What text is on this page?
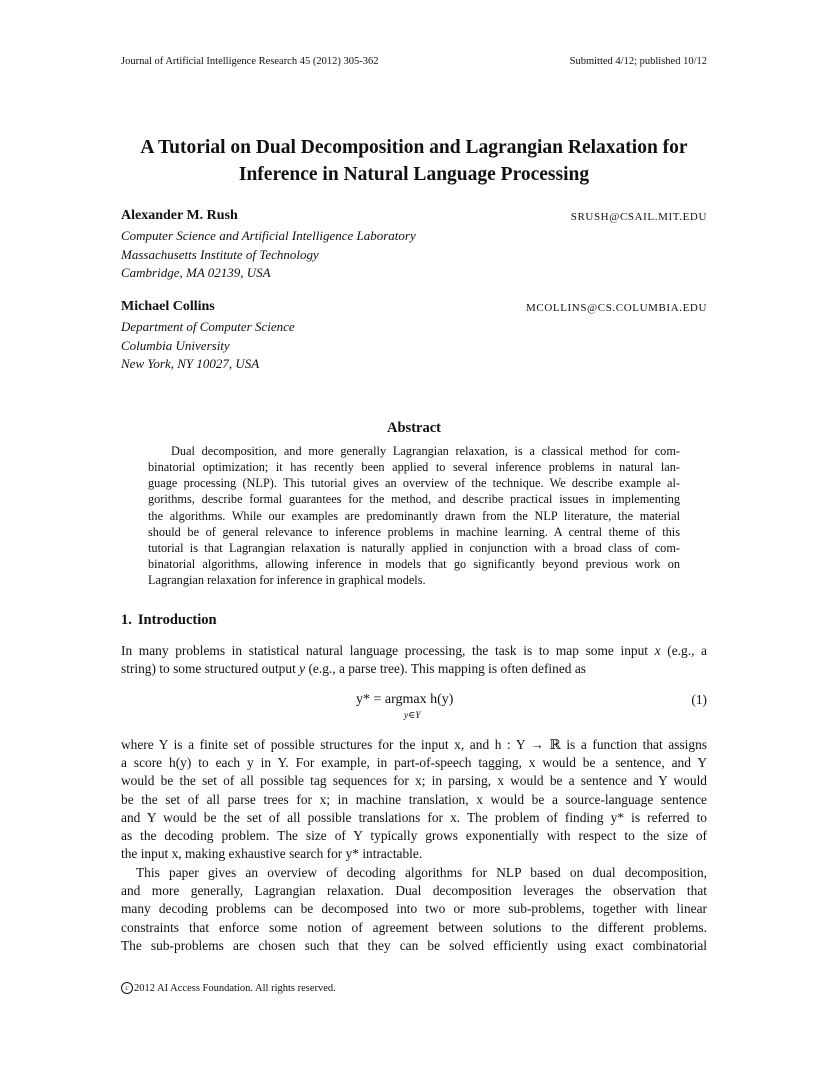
Journal of Artificial Intelligence Research 45 (2012) 305-362	Submitted 4/12; published 10/12
A Tutorial on Dual Decomposition and Lagrangian Relaxation for
Inference in Natural Language Processing
Alexander M. Rush	SRUSH@CSAIL.MIT.EDU
Computer Science and Artificial Intelligence Laboratory
Massachusetts Institute of Technology
Cambridge, MA 02139, USA
Michael Collins	MCOLLINS@CS.COLUMBIA.EDU
Department of Computer Science
Columbia University
New York, NY 10027, USA
Abstract
Dual decomposition, and more generally Lagrangian relaxation, is a classical method for com-
binatorial optimization; it has recently been applied to several inference problems in natural lan-
guage processing (NLP). This tutorial gives an overview of the technique. We describe example al-
gorithms, describe formal guarantees for the method, and describe practical issues in implementing
the algorithms. While our examples are predominantly drawn from the NLP literature, the material
should be of general relevance to inference problems in machine learning. A central theme of this
tutorial is that Lagrangian relaxation is naturally applied in conjunction with a broad class of com-
binatorial algorithms, allowing inference in models that go significantly beyond previous work on
Lagrangian relaxation for inference in graphical models.
1. Introduction
In many problems in statistical natural language processing, the task is to map some input x (e.g., a
string) to some structured output y (e.g., a parse tree). This mapping is often defined as
y* = argmax h(y)
y∈Y
(1)
where Y is a finite set of possible structures for the input x, and h : Y → ℝ is a function that assigns
a score h(y) to each y in Y. For example, in part-of-speech tagging, x would be a sentence, and Y
would be the set of all possible tag sequences for x; in parsing, x would be a sentence and Y would
be the set of all parse trees for x; in machine translation, x would be a source-language sentence
and Y would be the set of all possible translations for x. The problem of finding y* is referred to
as the decoding problem. The size of Y typically grows exponentially with respect to the size of
the input x, making exhaustive search for y* intractable.
This paper gives an overview of decoding algorithms for NLP based on dual decomposition,
and more generally, Lagrangian relaxation. Dual decomposition leverages the observation that
many decoding problems can be decomposed into two or more sub-problems, together with linear
constraints that enforce some notion of agreement between solutions to the different problems.
The sub-problems are chosen such that they can be solved efficiently using exact combinatorial
c 2012 AI Access Foundation. All rights reserved.
